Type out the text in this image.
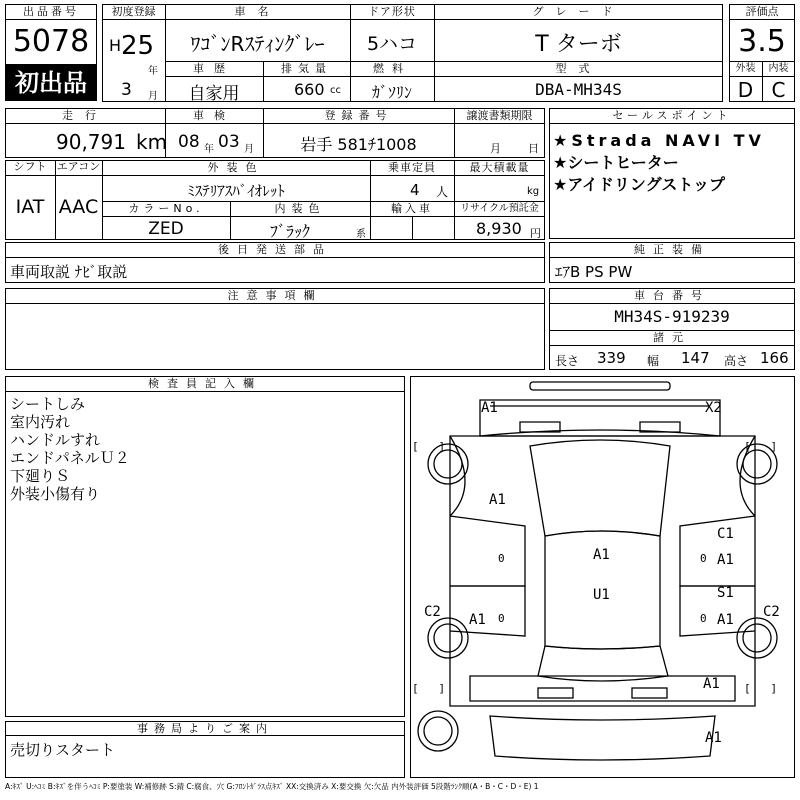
出品番号
5078
初出品
初度登録
H 25
年
3 月
車名
ﾜｺﾞﾝRｽﾃｨﾝｸﾞﾚｰ
ドア形状
5ハコ
グレード
T ターボ
車歴
自家用
排気量
660 cc
燃料
ｶﾞｿﾘﾝ
型式
DBA-MH34S
評価点
3.5
外装	内装
D C
走行
90,791 km
車検
08 年 03 月
登録番号
岩手 581ﾁ1008
譲渡書類期限
月 日
シフト
IAT
エアコン
AAC
外装色
ﾐｽﾃﾘｱｽﾊﾞｲｵﾚｯﾄ
乗車定員
4 人
最大積載量
kg
カラーNo.
ZED
内装色
ﾌﾞﾗｯｸ	系
輸入車	リサイクル預託金
8,930 円
後日発送部品
車両取説 ﾅﾋﾞ取説
セールスポイント
★Strada NAVI TV
★シートヒーター
★アイドリングストップ
純正装備
ｴｱB PS PW
注意事項欄	車台番号
MH34S-919239
諸元
長さ 339 幅 147 高さ 166
検査員記入欄
シートしみ
室内汚れ
ハンドルすれ
エンドパネルＵ２
下廻りＳ
外装小傷有り
事務局よりご案内
売切りスタート
A1	X2
A1
A1
U1
C1
A1
S1
A1
C2 A1	C2
A1
A1
0
0
0
0
[   ]	[   ]
[   ]	[   ]
A:ｷｽﾞ U:ﾍｺﾐ B:ｷｽﾞを伴うﾍｺﾐ P:要塗装 W:補修跡 S:錆 C:腐食、穴 G:ﾌﾛﾝﾄｶﾞﾗｽ点ｷｽﾞ XX:交換済み X:要交換 欠:欠品 内外装評価 5段階ﾗﾝｸ順(A・B・C・D・E) 1
